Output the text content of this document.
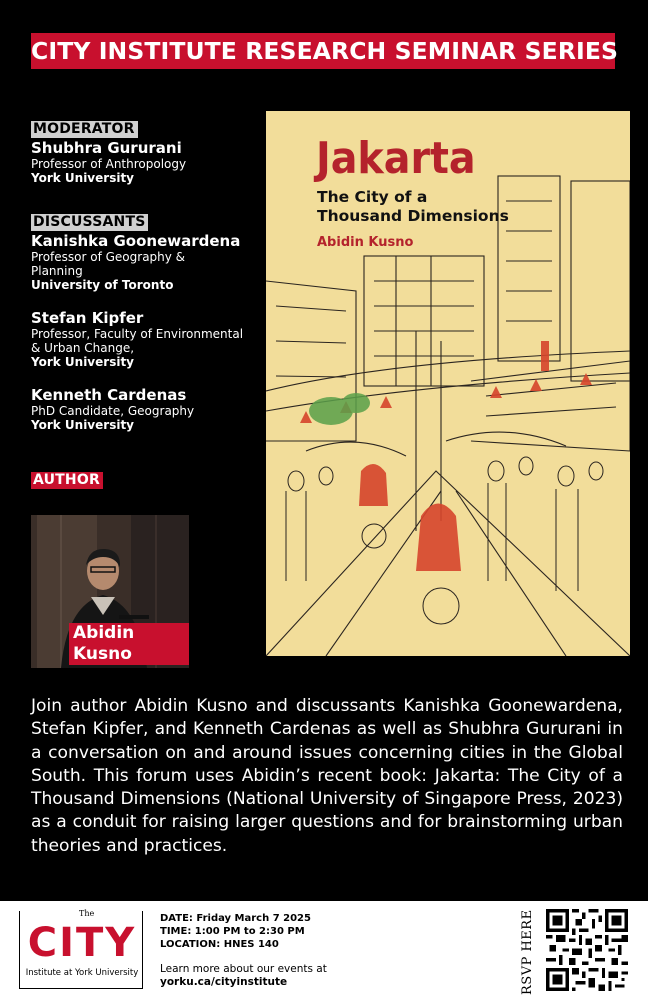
CITY INSTITUTE RESEARCH SEMINAR SERIES
MODERATOR
Shubhra Gururani
Professor of Anthropology
York University
DISCUSSANTS
Kanishka Goonewardena
Professor of Geography & Planning
University of Toronto
Stefan Kipfer
Professor, Faculty of Environmental & Urban Change,
York University
Kenneth Cardenas
PhD Candidate, Geography
York University
AUTHOR
Abidin Kusno
Jakarta
The City of a Thousand Dimensions
Abidin Kusno
Join author Abidin Kusno and discussants Kanishka Goonewardena, Stefan Kipfer, and Kenneth Cardenas as well as Shubhra Gururani in a conversation on and around issues concerning cities in the Global South. This forum uses Abidin’s recent book: Jakarta: The City of a Thousand Dimensions (National University of Singapore Press, 2023) as a conduit for raising larger questions and for brainstorming urban theories and practices.
The
CITY
Institute at York University
DATE: Friday March 7 2025
TIME: 1:00 PM to 2:30 PM
LOCATION: HNES 140
Learn more about our events at
yorku.ca/cityinstitute	RSVP HERE
